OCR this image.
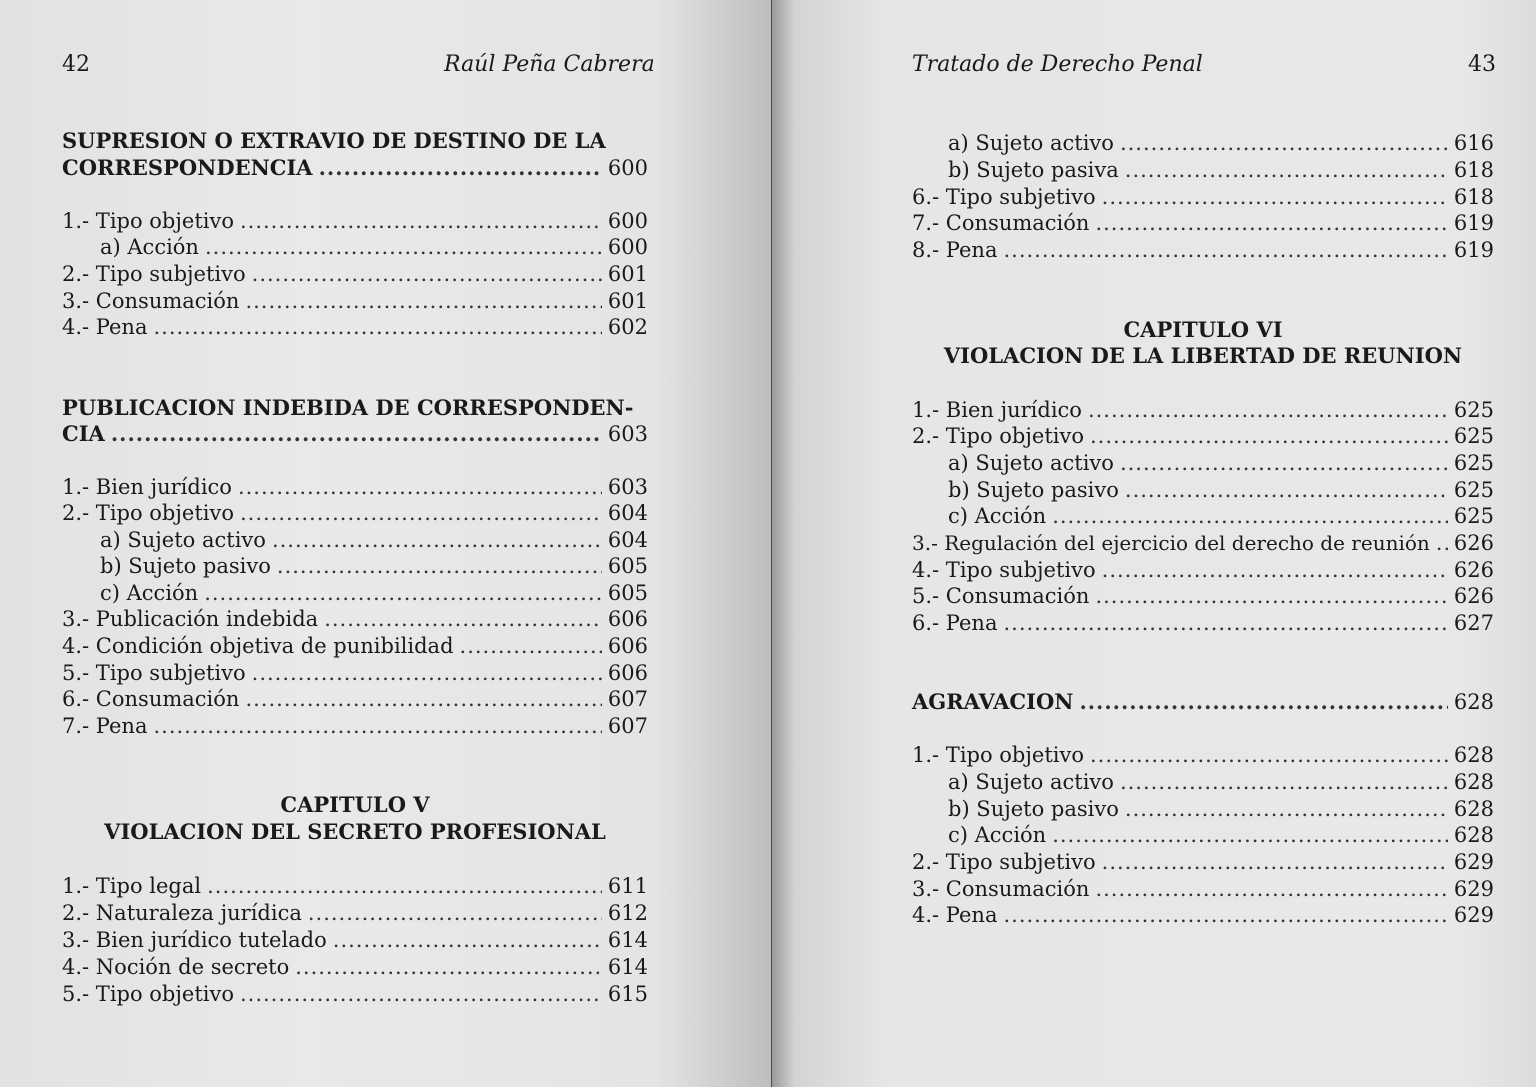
42	Raúl Peña Cabrera
SUPRESION O EXTRAVIO DE DESTINO DE LA
CORRESPONDENCIA .....	600
1.- Tipo objetivo .....	600
a) Acción .....	600
2.- Tipo subjetivo .....	601
3.- Consumación .....	601
4.- Pena .....	602
PUBLICACION INDEBIDA DE CORRESPONDEN-
CIA .....	603
1.- Bien jurídico .....	603
2.- Tipo objetivo .....	604
a) Sujeto activo .....	604
b) Sujeto pasivo .....	605
c) Acción .....	605
3.- Publicación indebida .....	606
4.- Condición objetiva de punibilidad .....	606
5.- Tipo subjetivo .....	606
6.- Consumación .....	607
7.- Pena .....	607
CAPITULO V
VIOLACION DEL SECRETO PROFESIONAL
1.- Tipo legal .....	611
2.- Naturaleza jurídica .....	612
3.- Bien jurídico tutelado .....	614
4.- Noción de secreto .....	614
5.- Tipo objetivo .....	615
Tratado de Derecho Penal	43
a) Sujeto activo .....	616
b) Sujeto pasiva .....	618
6.- Tipo subjetivo .....	618
7.- Consumación .....	619
8.- Pena .....	619
CAPITULO VI
VIOLACION DE LA LIBERTAD DE REUNION
1.- Bien jurídico .....	625
2.- Tipo objetivo .....	625
a) Sujeto activo .....	625
b) Sujeto pasivo .....	625
c) Acción .....	625
3.- Regulación del ejercicio del derecho de reunión ..... 626
4.- Tipo subjetivo .....	626
5.- Consumación .....	626
6.- Pena .....	627
AGRAVACION .....	628
1.- Tipo objetivo .....	628
a) Sujeto activo .....	628
b) Sujeto pasivo .....	628
c) Acción .....	628
2.- Tipo subjetivo .....	629
3.- Consumación .....	629
4.- Pena .....	629
